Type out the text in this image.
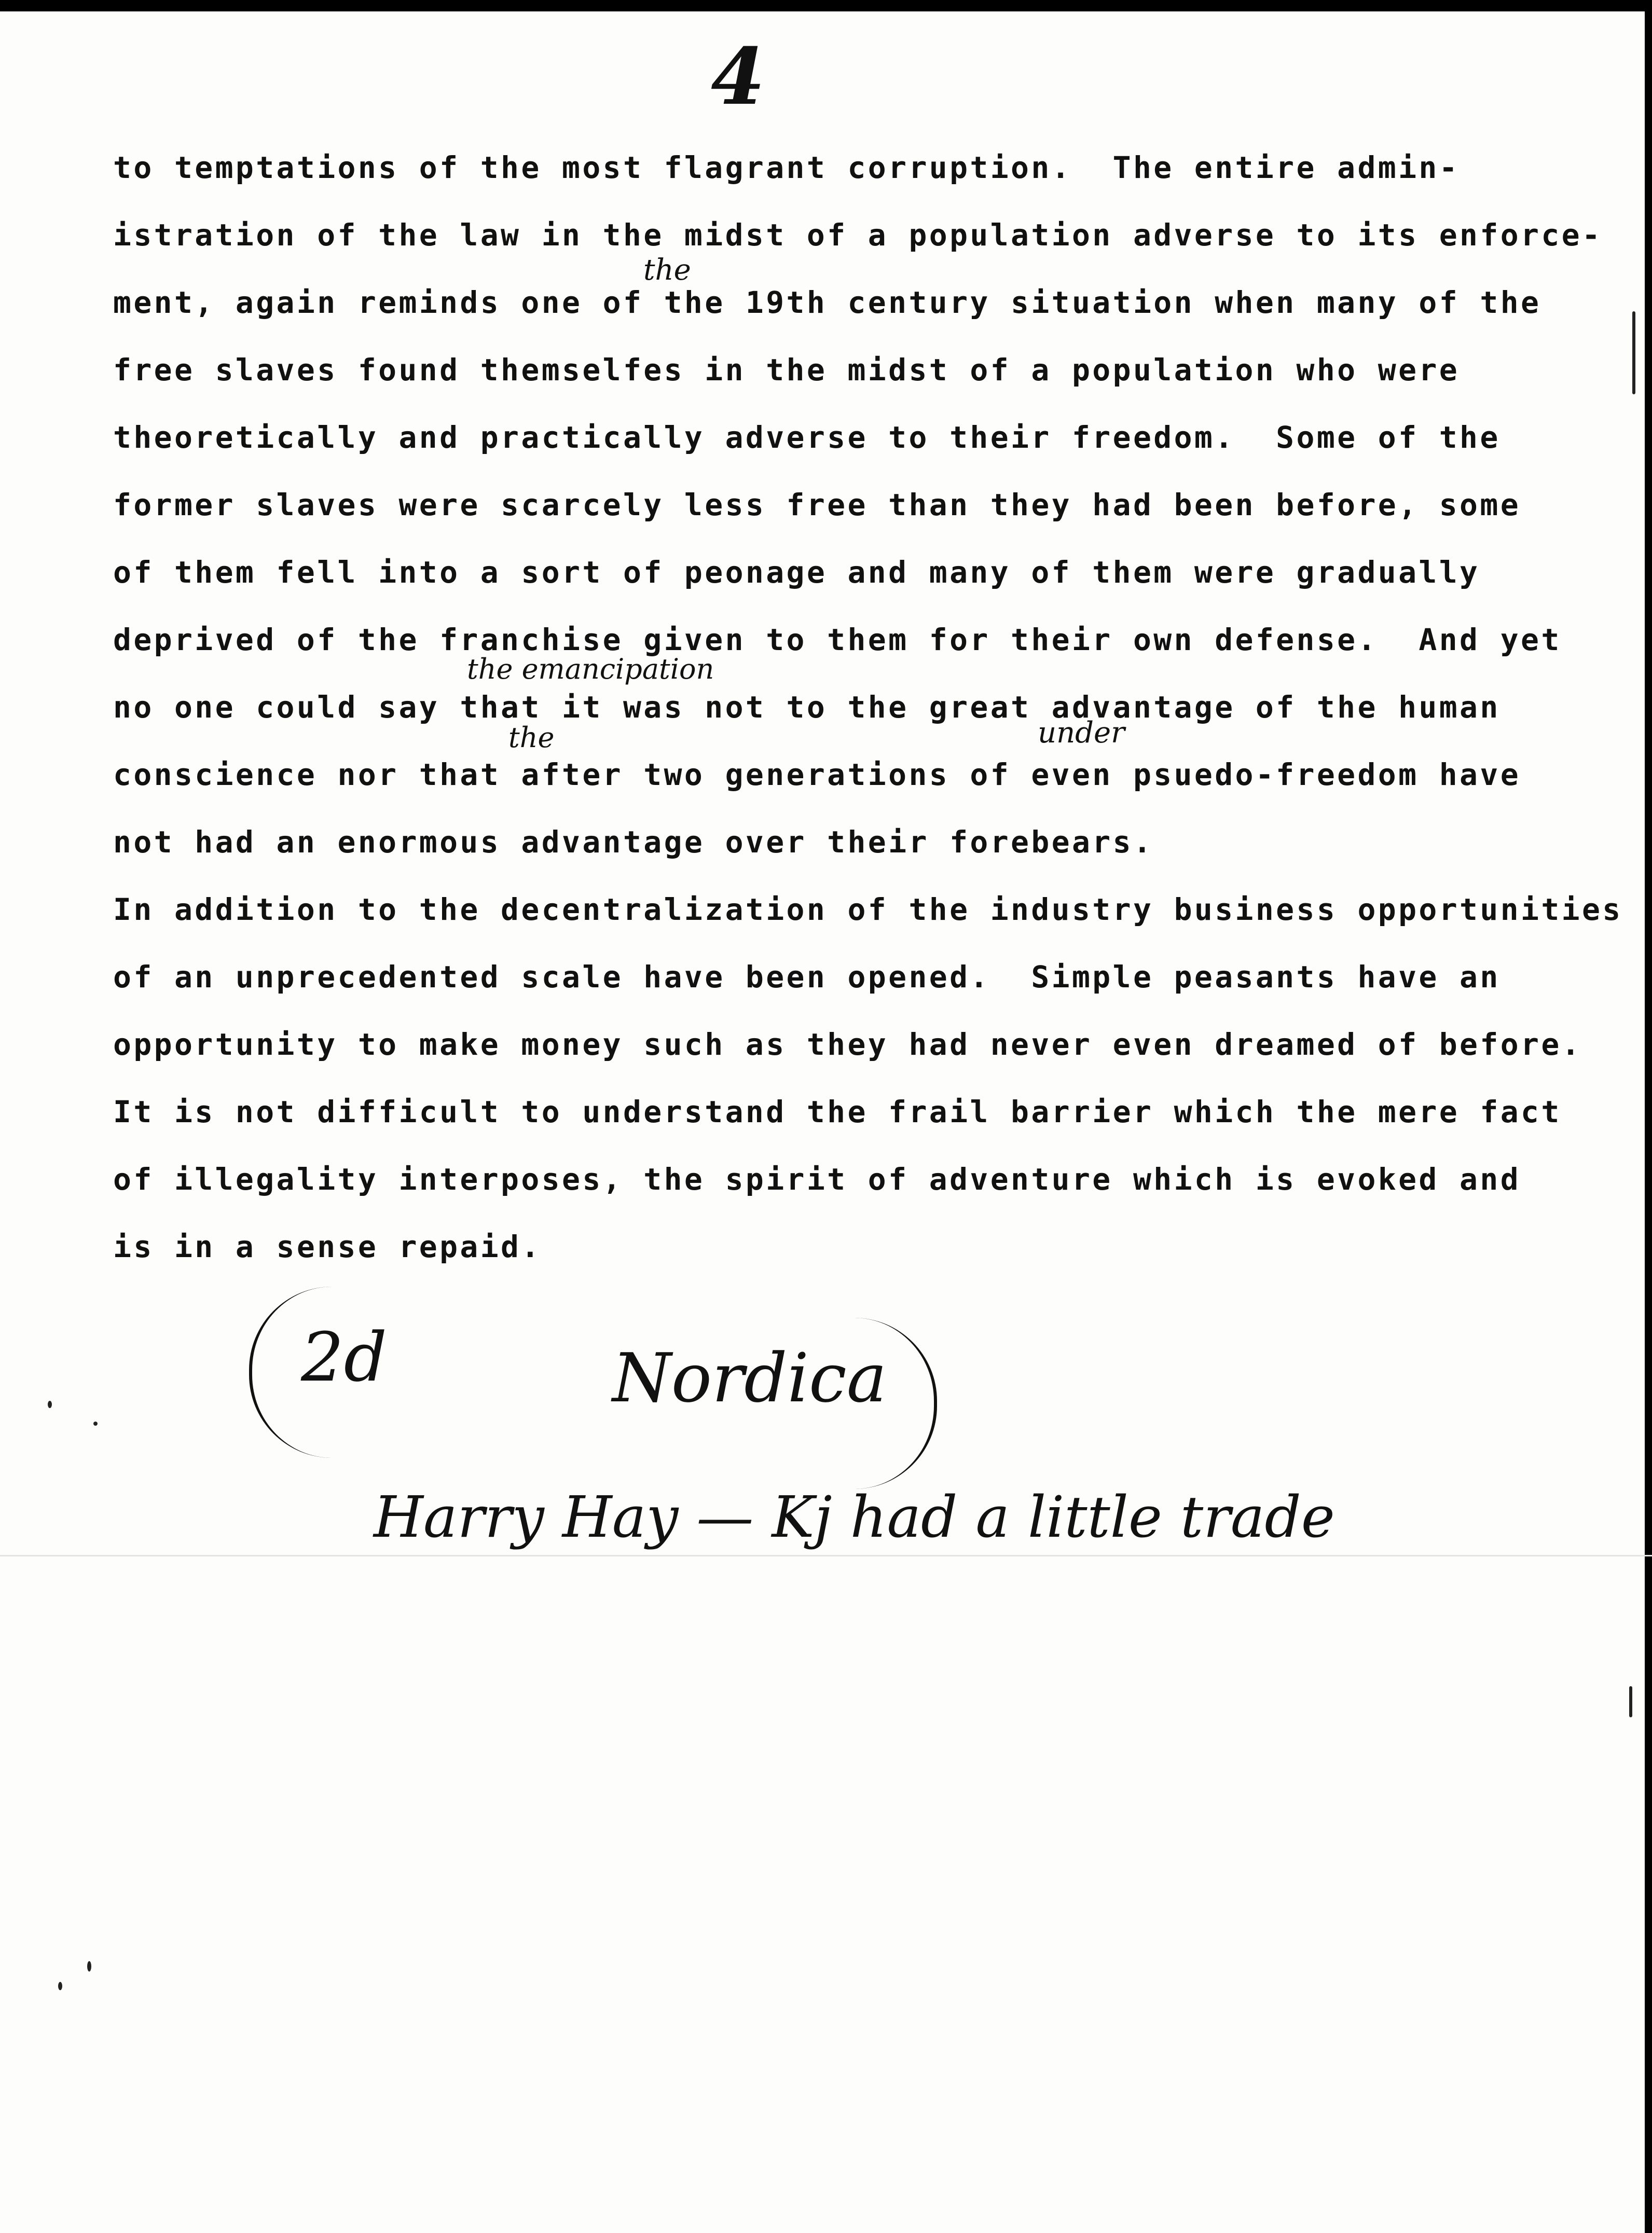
4
to temptations of the most flagrant corruption.  The entire admin-
istration of the law in the midst of a population adverse to its enforce-
ment, again reminds one of the 19th century situation when many of the
free slaves found themselfes in the midst of a population who were
theoretically and practically adverse to their freedom.  Some of the
former slaves were scarcely less free than they had been before, some
of them fell into a sort of peonage and many of them were gradually
deprived of the franchise given to them for their own defense.  And yet
no one could say that it was not to the great advantage of the human
conscience nor that after two generations of even psuedo-freedom have
not had an enormous advantage over their forebears.
In addition to the decentralization of the industry business opportunities
of an unprecedented scale have been opened.  Simple peasants have an
opportunity to make money such as they had never even dreamed of before.
It is not difficult to understand the frail barrier which the mere fact
of illegality interposes, the spirit of adventure which is evoked and
is in a sense repaid.
the
the emancipation
the	under
2d	Nordica
Harry Hay — Kj had a little trade
